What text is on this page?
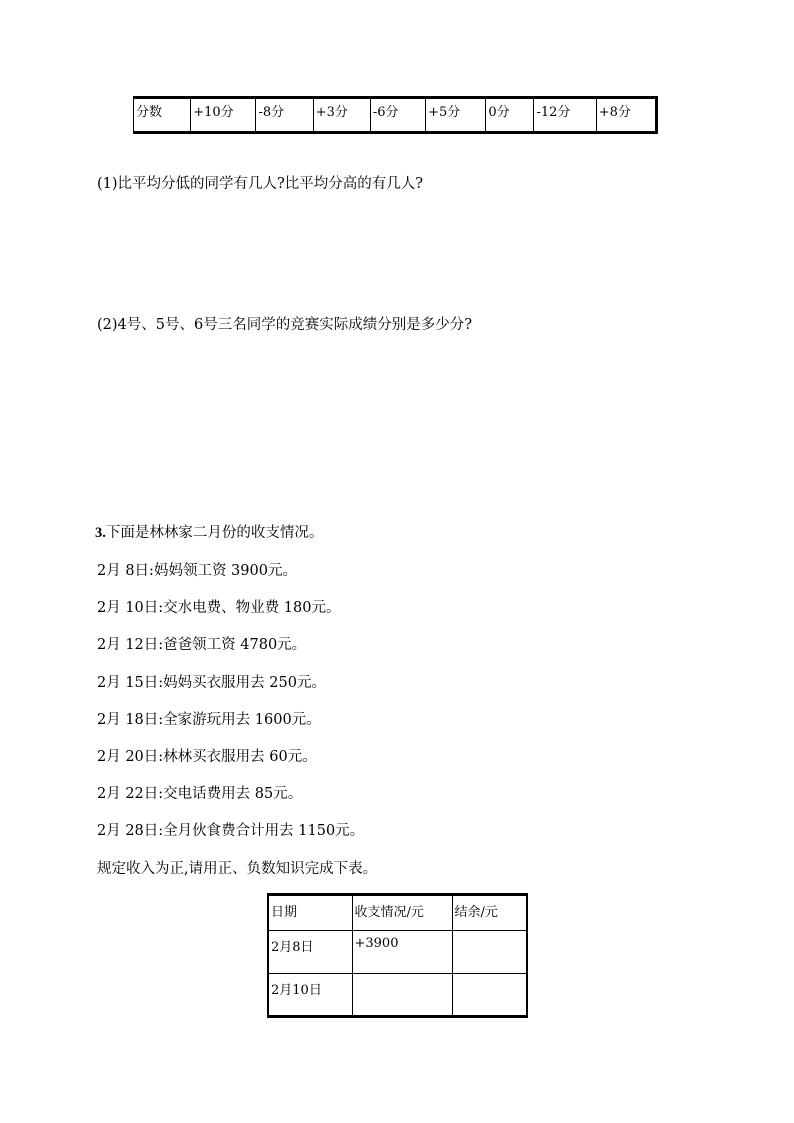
分数	+10分	-8分	+3分	-6分	+5分	0分	-12分	+8分
(1)比平均分低的同学有几人?比平均分高的有几人?
(2)4号、5号、6号三名同学的竞赛实际成绩分别是多少分?
3.下面是林林家二月份的收支情况。
2月 8日:妈妈领工资 3900元。
2月 10日:交水电费、物业费 180元。
2月 12日:爸爸领工资 4780元。
2月 15日:妈妈买衣服用去 250元。
2月 18日:全家游玩用去 1600元。
2月 20日:林林买衣服用去 60元。
2月 22日:交电话费用去 85元。
2月 28日:全月伙食费合计用去 1150元。
规定收入为正,请用正、负数知识完成下表。
日期	收支情况/元	结余/元
2月8日	+3900	
2月10日		
